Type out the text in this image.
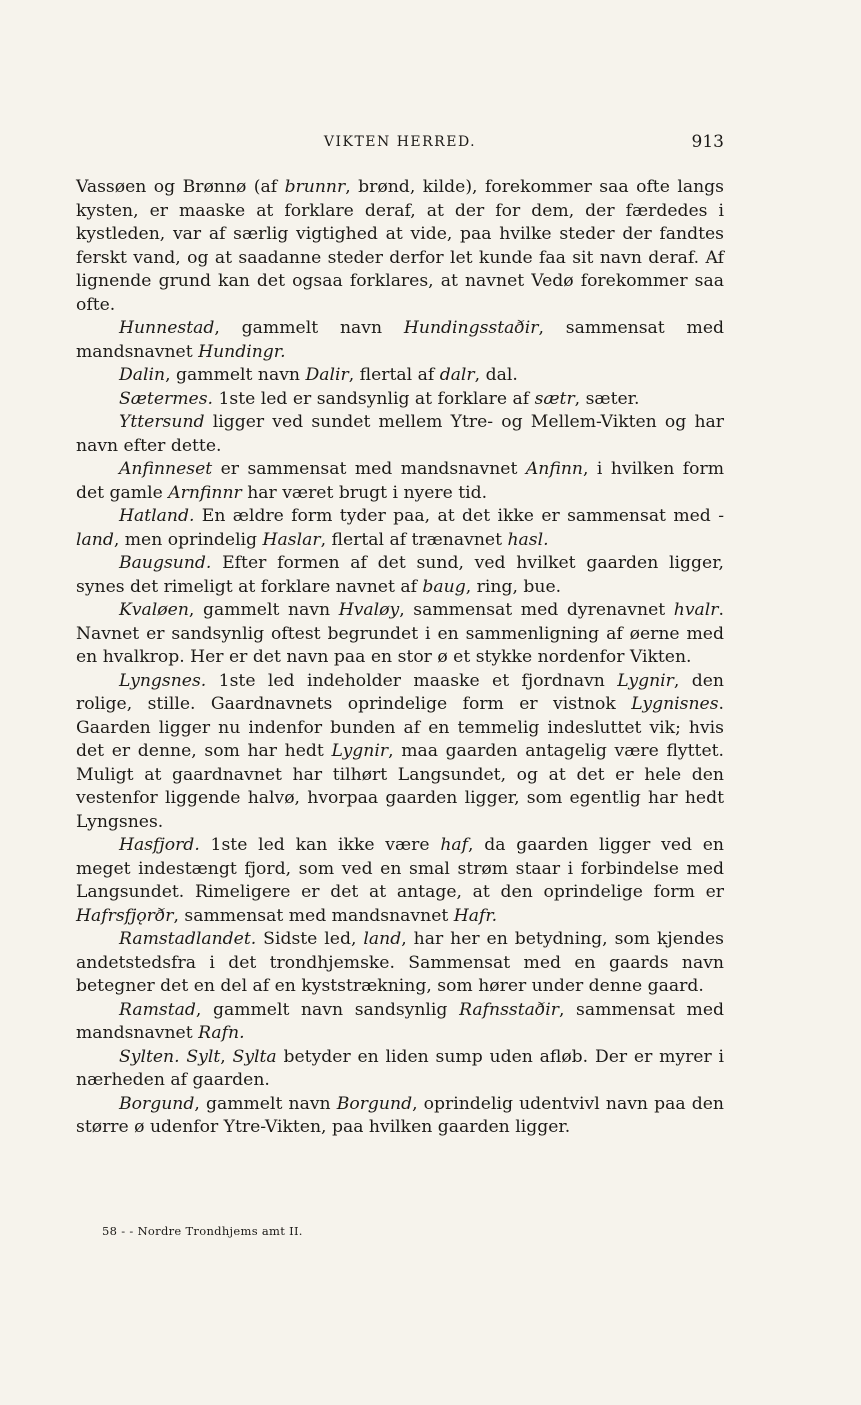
VIKTEN HERRED.	913

Vassøen og Brønnø (af brunnr, brønd, kilde), forekommer saa ofte langs kysten, er maaske at forklare deraf, at der for dem, der færdedes i kystleden, var af særlig vigtighed at vide, paa hvilke steder der fandtes ferskt vand, og at saadanne steder derfor let kunde faa sit navn deraf. Af lignende grund kan det ogsaa forklares, at navnet Vedø forekommer saa ofte.

Hunnestad, gammelt navn Hundingsstaðir, sammensat med mandsnavnet Hundingr.

Dalin, gammelt navn Dalir, flertal af dalr, dal.

Sætermes. 1ste led er sandsynlig at forklare af sætr, sæter.

Yttersund ligger ved sundet mellem Ytre- og Mellem-Vikten og har navn efter dette.

Anfinneset er sammensat med mandsnavnet Anfinn, i hvilken form det gamle Arnfinnr har været brugt i nyere tid.

Hatland. En ældre form tyder paa, at det ikke er sammensat med -land, men oprindelig Haslar, flertal af trænavnet hasl.

Baugsund. Efter formen af det sund, ved hvilket gaarden ligger, synes det rimeligt at forklare navnet af baug, ring, bue.

Kvaløen, gammelt navn Hvaløy, sammensat med dyrenavnet hvalr. Navnet er sandsynlig oftest begrundet i en sammenligning af øerne med en hvalkrop. Her er det navn paa en stor ø et stykke nordenfor Vikten.

Lyngsnes. 1ste led indeholder maaske et fjordnavn Lygnir, den rolige, stille. Gaardnavnets oprindelige form er vistnok Lygnisnes. Gaarden ligger nu indenfor bunden af en temmelig indesluttet vik; hvis det er denne, som har hedt Lygnir, maa gaarden antagelig være flyttet. Muligt at gaardnavnet har tilhørt Langsundet, og at det er hele den vestenfor liggende halvø, hvorpaa gaarden ligger, som egentlig har hedt Lyngsnes.

Hasfjord. 1ste led kan ikke være haf, da gaarden ligger ved en meget indestængt fjord, som ved en smal strøm staar i forbindelse med Langsundet. Rimeligere er det at antage, at den oprindelige form er Hafrsfjǫrðr, sammensat med mandsnavnet Hafr.

Ramstadlandet. Sidste led, land, har her en betydning, som kjendes andetstedsfra i det trondhjemske. Sammensat med en gaards navn betegner det en del af en kyststrækning, som hører under denne gaard.

Ramstad, gammelt navn sandsynlig Rafnsstaðir, sammensat med mandsnavnet Rafn.

Sylten. Sylt, Sylta betyder en liden sump uden afløb. Der er myrer i nærheden af gaarden.

Borgund, gammelt navn Borgund, oprindelig udentvivl navn paa den større ø udenfor Ytre-Vikten, paa hvilken gaarden ligger.

58 - - Nordre Trondhjems amt II.
